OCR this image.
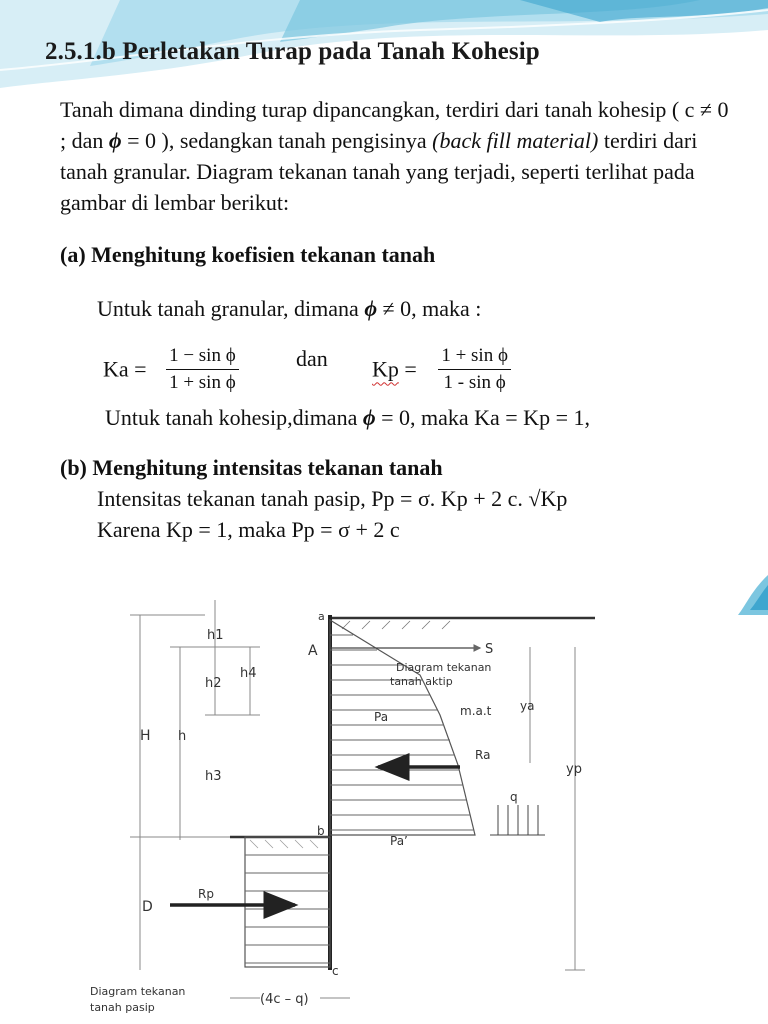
2.5.1.b Perletakan Turap pada Tanah Kohesip
Tanah dimana dinding turap dipancangkan, terdiri dari tanah kohesip ( c ≠ 0 ; dan ϕ = 0 ), sedangkan tanah pengisinya (back fill material) terdiri dari tanah granular. Diagram tekanan tanah yang terjadi, seperti terlihat pada gambar di lembar berikut:
(a) Menghitung koefisien tekanan tanah
Untuk tanah granular, dimana ϕ ≠ 0, maka :
$Ka = \frac{\text{1 − sin ϕ}}{\text{1 + sin ϕ}}$	dan $Kp = \frac{\text{1 + sin ϕ}}{\text{1 - sin ϕ}}$
Untuk tanah kohesip,dimana ϕ = 0, maka Ka = Kp = 1,
(b) Menghitung intensitas tekanan tanah
Intensitas tekanan tanah pasip, Pp = σ. Kp + 2 c. √Kp
Karena Kp = 1, maka Pp = σ + 2 c
a
A	S
b
c
h1
h2
h4
H h
h3
D
Diagram tekanan
tanah aktip
Pa	m.a.t ya
Ra
yp
q
Pa’
Rp
Diagram tekanan
tanah pasip
(4c – q)
